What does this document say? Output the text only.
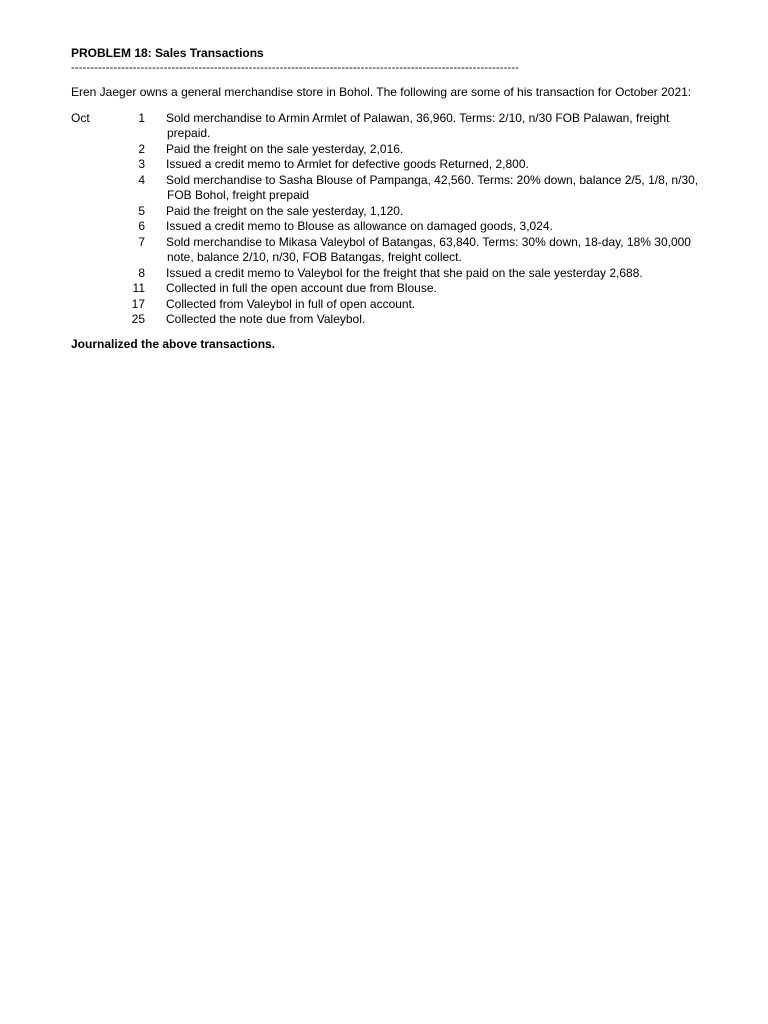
PROBLEM 18: Sales Transactions

--------------------------------------------------------------------------------------------------------------------

Eren Jaeger owns a general merchandise store in Bohol. The following are some of his transaction for October 2021:

Oct	1 Sold merchandise to Armin Armlet of Palawan, 36,960. Terms: 2/10, n/30 FOB Palawan, freight
prepaid.
2 Paid the freight on the sale yesterday, 2,016.
3 Issued a credit memo to Armlet for defective goods Returned, 2,800.
4 Sold merchandise to Sasha Blouse of Pampanga, 42,560. Terms: 20% down, balance 2/5, 1/8, n/30,
FOB Bohol, freight prepaid
5 Paid the freight on the sale yesterday, 1,120.
6 Issued a credit memo to Blouse as allowance on damaged goods, 3,024.
7 Sold merchandise to Mikasa Valeybol of Batangas, 63,840. Terms: 30% down, 18-day, 18% 30,000
note, balance 2/10, n/30, FOB Batangas, freight collect.
8 Issued a credit memo to Valeybol for the freight that she paid on the sale yesterday 2,688.
11 Collected in full the open account due from Blouse.
17 Collected from Valeybol in full of open account.
25 Collected the note due from Valeybol.

Journalized the above transactions.
